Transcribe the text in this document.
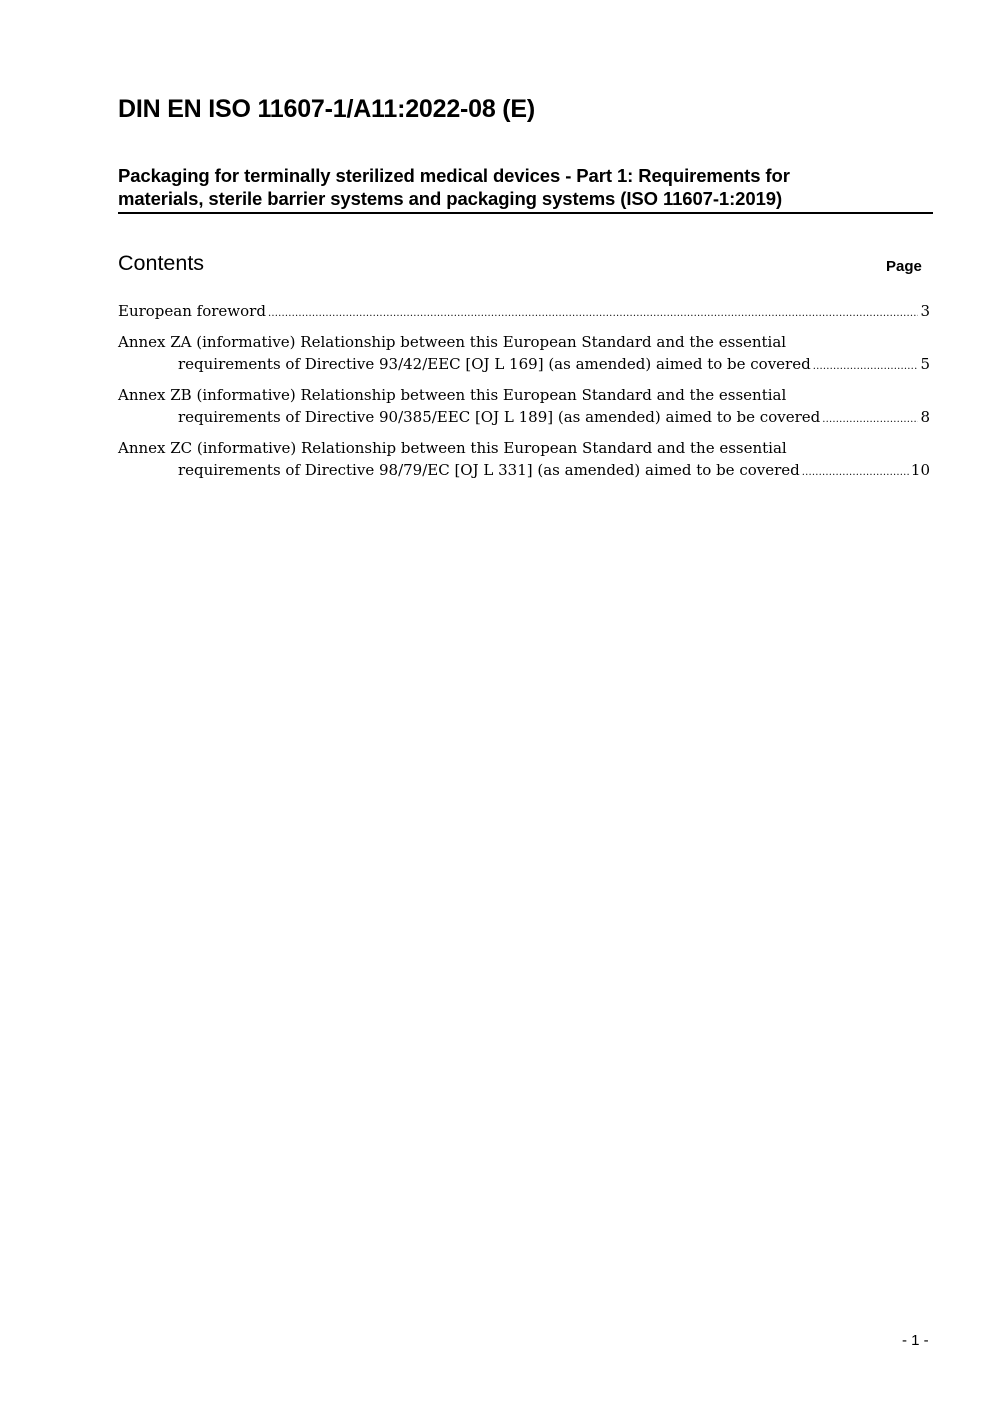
DIN EN ISO 11607-1/A11:2022-08 (E)
Packaging for terminally sterilized medical devices - Part 1: Requirements for
materials, sterile barrier systems and packaging systems (ISO 11607-1:2019)
Contents	Page
European foreword .....	3
Annex ZA (informative) Relationship between this European Standard and the essential
requirements of Directive 93/42/EEC [OJ L 169] (as amended) aimed to be covered .....	5
Annex ZB (informative) Relationship between this European Standard and the essential
requirements of Directive 90/385/EEC [OJ L 189] (as amended) aimed to be covered .....	8
Annex ZC (informative) Relationship between this European Standard and the essential
requirements of Directive 98/79/EC [OJ L 331] (as amended) aimed to be covered .....	10
- 1 -
